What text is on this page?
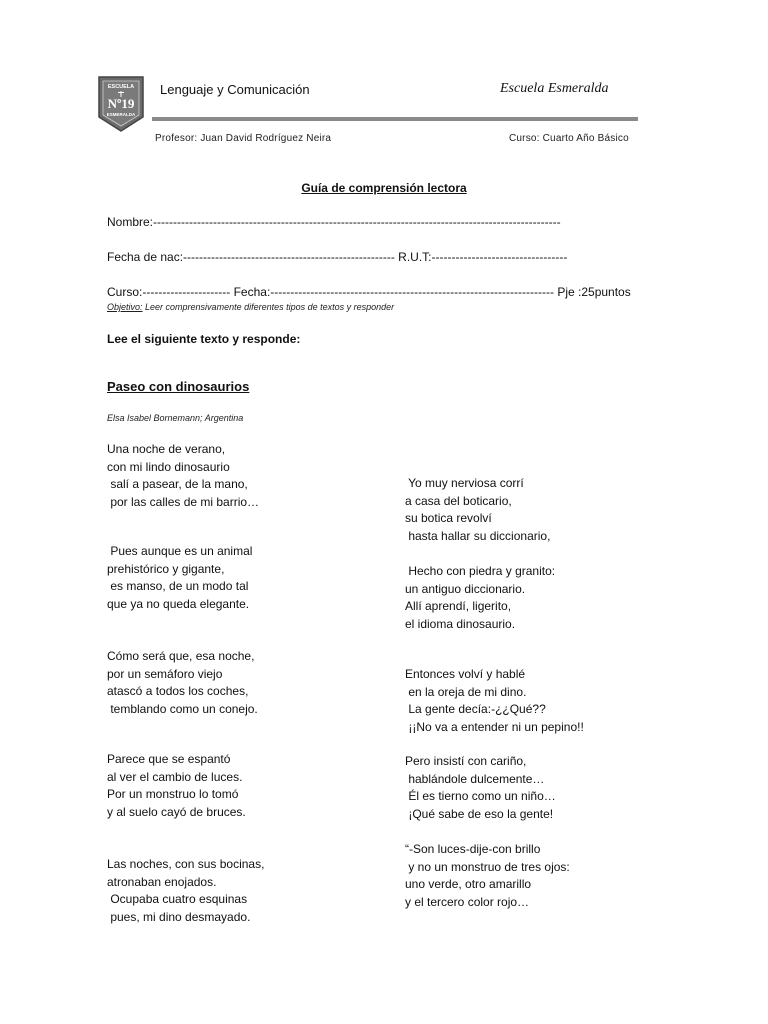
ESCUELA
Nº19
ESMERALDA
Lenguaje y Comunicación	Escuela Esmeralda
Profesor: Juan David Rodríguez Neira	Curso: Cuarto Año Básico
Guía de comprensión lectora
Nombre:------------------------------------------------------------------------------------------------------
Fecha de nac:----------------------------------------------------- R.U.T:----------------------------------
Curso:---------------------- Fecha:----------------------------------------------------------------------- Pje :25puntos
Objetivo: Leer comprensivamente diferentes tipos de textos y responder
Lee el siguiente texto y responde:
Paseo con dinosaurios
Elsa Isabel Bornemann; Argentina
Una noche de verano,
con mi lindo dinosaurio
salí a pasear, de la mano,
por las calles de mi barrio…
Pues aunque es un animal
prehistórico y gigante,
es manso, de un modo tal
que ya no queda elegante.
Cómo será que, esa noche,
por un semáforo viejo
atascó a todos los coches,
temblando como un conejo.
Parece que se espantó
al ver el cambio de luces.
Por un monstruo lo tomó
y al suelo cayó de bruces.
Las noches, con sus bocinas,
atronaban enojados.
Ocupaba cuatro esquinas
pues, mi dino desmayado.
Yo muy nerviosa corrí
a casa del boticario,
su botica revolví
hasta hallar su diccionario,
Hecho con piedra y granito:
un antiguo diccionario.
Allí aprendí, ligerito,
el idioma dinosaurio.
Entonces volví y hablé
en la oreja de mi dino.
La gente decía:-¿¿Qué??
¡¡No va a entender ni un pepino!!
Pero insistí con cariño,
hablándole dulcemente…
Él es tierno como un niño…
¡Qué sabe de eso la gente!
“-Son luces-dije-con brillo
y no un monstruo de tres ojos:
uno verde, otro amarillo
y el tercero color rojo…
